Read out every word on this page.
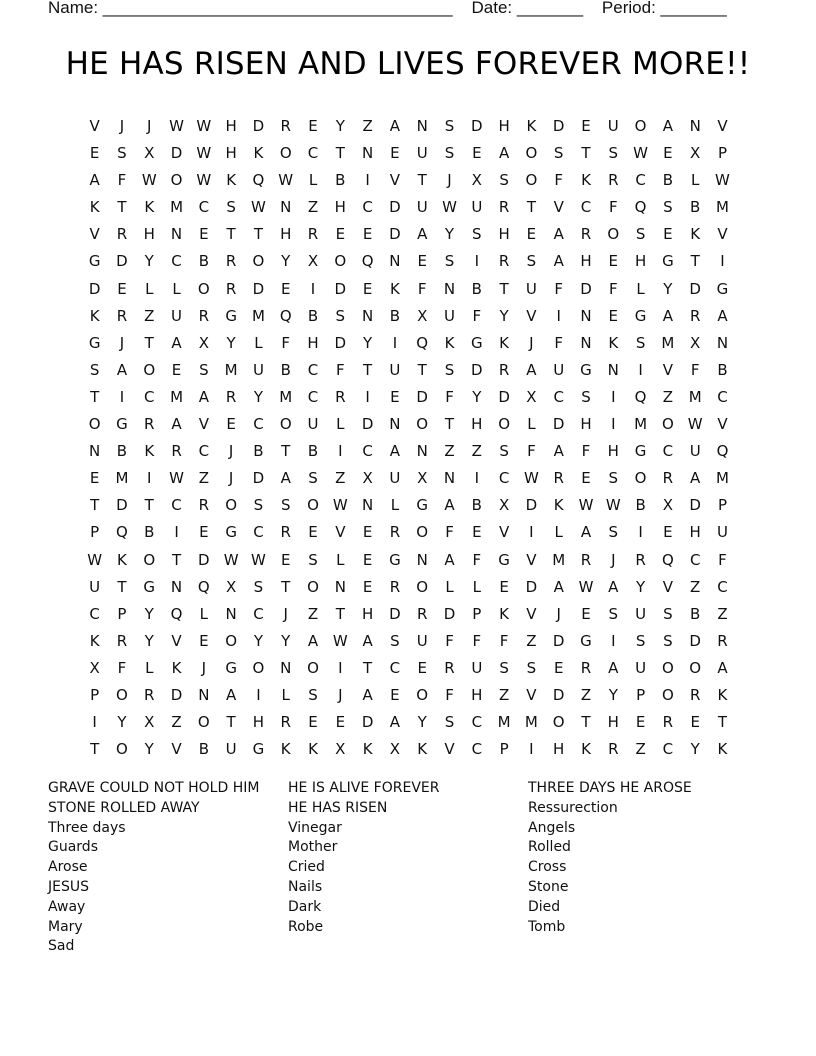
Name: _____________________________________    Date: _______    Period: _______
HE HAS RISEN AND LIVES FOREVER MORE!!
V	J	J	W W H	D	R	E	Y	Z	A	N	S	D	H	K	D	E	U	O	A	N	V
E	S	X	D W H	K	O	C	T	N	E	U	S	E	A	O	S	T	S	W	E	X	P
A	F	W O W K	Q W	L	B	I	V	T	J	X	S	O	F	K	R	C	B	L	W
K	T	K	M	C	S	W N	Z	H	C	D	U W U	R	T	V	C	F	Q	S	B	M
V	R	H	N	E	T	T	H	R	E	E	D	A	Y	S	H	E	A	R	O	S	E	K	V
G	D	Y	C	B	R	O	Y	X	O	Q	N	E	S	I	R	S	A	H	E	H	G	T	I
D	E	L	L	O	R	D	E	I	D	E	K	F	N	B	T	U	F	D	F	L	Y	D	G
K	R	Z	U	R	G	M Q	B	S	N	B	X	U	F	Y	V	I	N	E	G	A	R	A
G	J	T	A	X	Y	L	F	H	D	Y	I	Q	K	G	K	J	F	N	K	S	M	X	N
S	A	O	E	S	M	U	B	C	F	T	U	T	S	D	R	A	U	G	N	I	V	F	B
T	I	C	M	A	R	Y	M	C	R	I	E	D	F	Y	D	X	C	S	I	Q	Z	M	C
O	G	R	A	V	E	C	O	U	L	D	N	O	T	H	O	L	D	H	I	M O W V
N	B	K	R	C	J	B	T	B	I	C	A	N	Z	Z	S	F	A	F	H	G	C	U	Q
E	M	I	W Z	J	D	A	S	Z	X	U	X	N	I	C W R	E	S	O	R	A	M
T	D	T	C	R	O	S	S	O W N	L	G	A	B	X	D	K W W B	X	D	P
P	Q	B	I	E	G	C	R	E	V	E	R	O	F	E	V	I	L	A	S	I	E	H	U
W K	O	T	D W W	E	S	L	E	G	N	A	F	G	V	M	R	J	R	Q	C	F
U	T	G	N	Q	X	S	T	O	N	E	R	O	L	L	E	D	A W A	Y	V	Z	C
C	P	Y	Q	L	N	C	J	Z	T	H	D	R	D	P	K	V	J	E	S	U	S	B	Z
K	R	Y	V	E	O	Y	Y	A W A	S	U	F	F	F	Z	D	G	I	S	S	D	R
X	F	L	K	J	G	O	N	O	I	T	C	E	R	U	S	S	E	R	A	U	O	O	A
P	O	R	D	N	A	I	L	S	J	A	E	O	F	H	Z	V	D	Z	Y	P	O	R	K
I	Y	X	Z	O	T	H	R	E	E	D	A	Y	S	C	M M O	T	H	E	R	E	T
T	O	Y	V	B	U	G	K	K	X	K	X	K	V	C	P	I	H	K	R	Z	C	Y	K
GRAVE COULD NOT HOLD HIM
STONE ROLLED AWAY
Three days
Guards
Arose
JESUS
Away
Mary
Sad
HE IS ALIVE FOREVER
HE HAS RISEN
Vinegar
Mother
Cried
Nails
Dark
Robe
THREE DAYS HE AROSE
Ressurection
Angels
Rolled
Cross
Stone
Died
Tomb
